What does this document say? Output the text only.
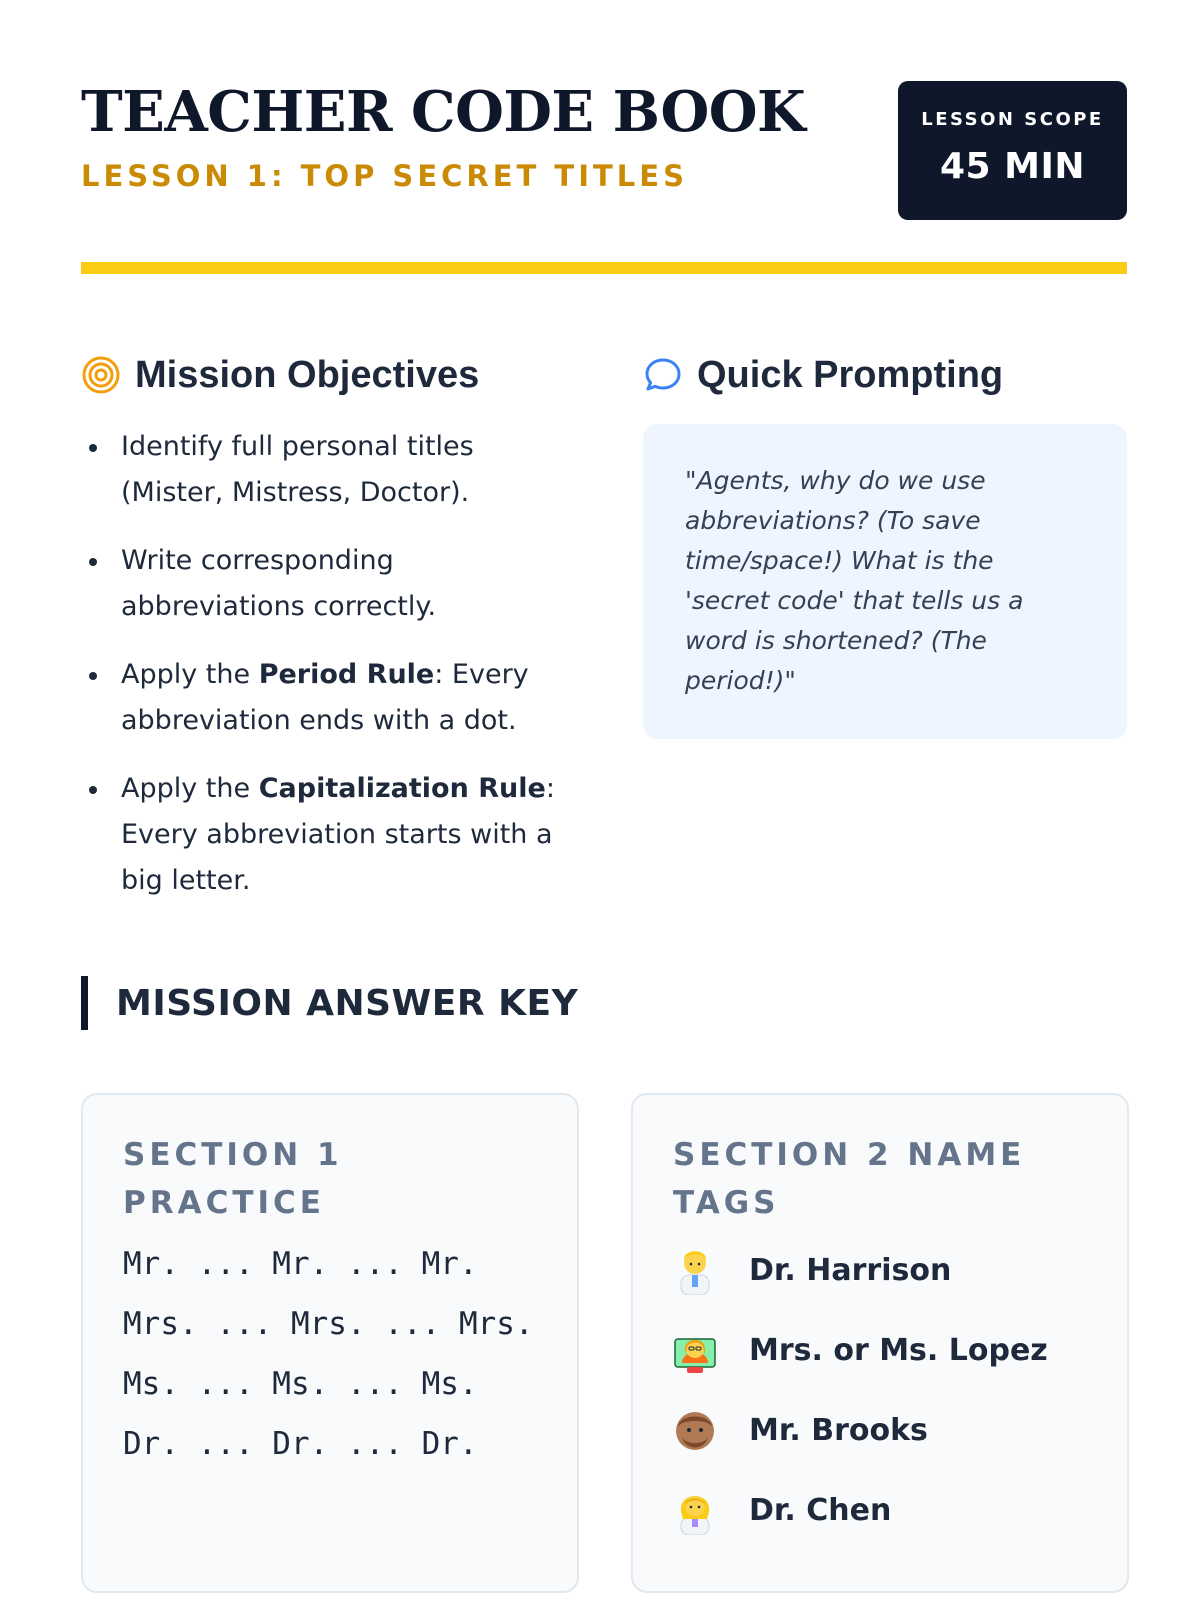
TEACHER CODE BOOK
LESSON 1: TOP SECRET TITLES
LESSON SCOPE
45 MIN
Mission Objectives
Identify full personal titles (Mister, Mistress, Doctor).
Write corresponding abbreviations correctly.
Apply the Period Rule: Every abbreviation ends with a dot.
Apply the Capitalization Rule: Every abbreviation starts with a big letter.
Quick Prompting

"Agents, why do we use abbreviations? (To save time/space!) What is the 'secret code' that tells us a word is shortened? (The period!)"

MISSION ANSWER KEY
SECTION 1 PRACTICE
Mr. ... Mr. ... Mr.
Mrs. ... Mrs. ... Mrs.
Ms. ... Ms. ... Ms.
Dr. ... Dr. ... Dr.
SECTION 2 NAME TAGS
Dr. Harrison
Mrs. or Ms. Lopez
Mr. Brooks
Dr. Chen
